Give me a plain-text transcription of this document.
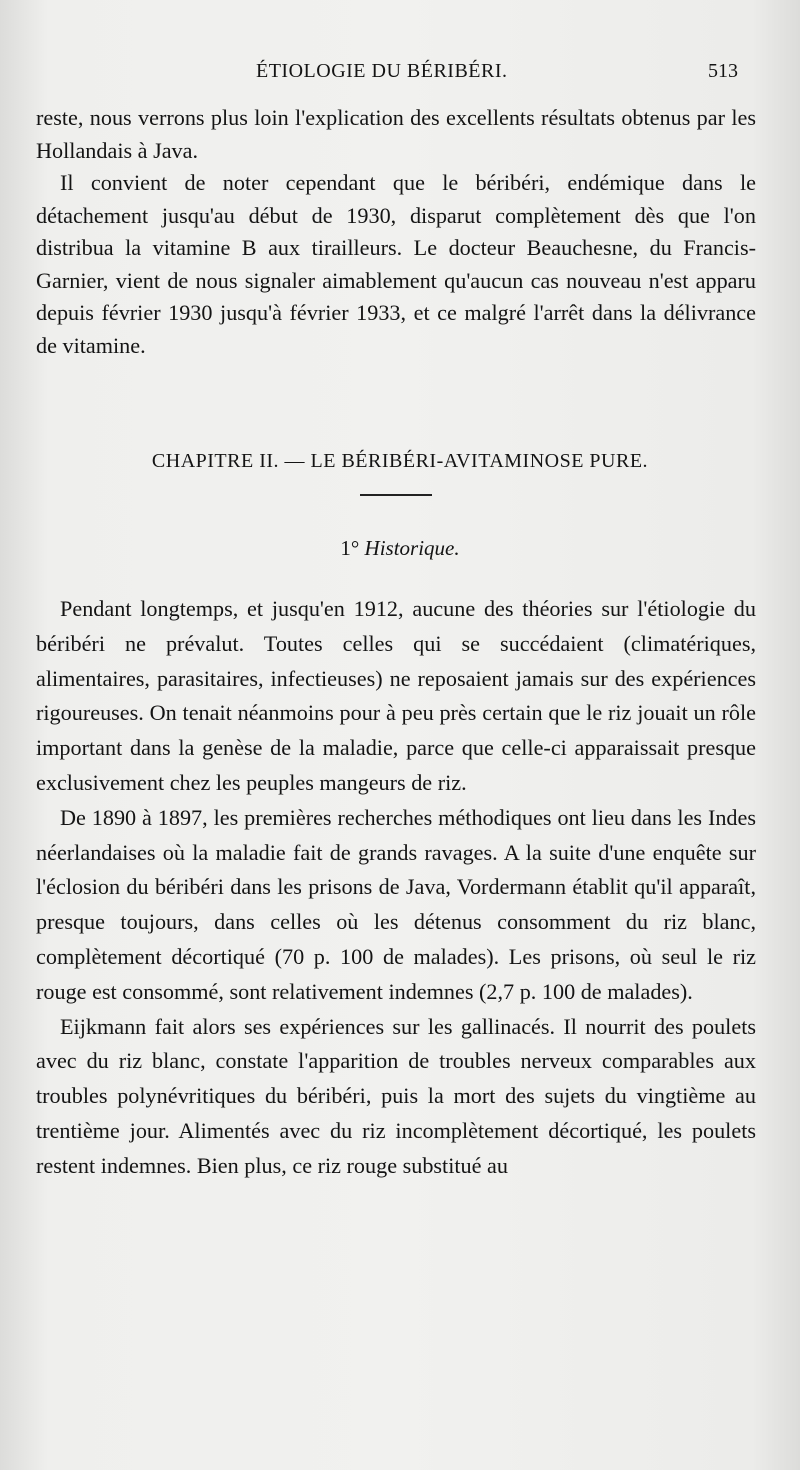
ÉTIOLOGIE DU BÉRIBÉRI.	513

reste, nous verrons plus loin l'explication des excellents résultats obtenus par les Hollandais à Java.

Il convient de noter cependant que le béribéri, endémique dans le détachement jusqu'au début de 1930, disparut complètement dès que l'on distribua la vitamine B aux tirailleurs. Le docteur Beauchesne, du Francis-Garnier, vient de nous signaler aimablement qu'aucun cas nouveau n'est apparu depuis février 1930 jusqu'à février 1933, et ce malgré l'arrêt dans la délivrance de vitamine.

CHAPITRE II. — LE BÉRIBÉRI-AVITAMINOSE PURE.
1° Historique.

Pendant longtemps, et jusqu'en 1912, aucune des théories sur l'étiologie du béribéri ne prévalut. Toutes celles qui se succédaient (climatériques, alimentaires, parasitaires, infectieuses) ne reposaient jamais sur des expériences rigoureuses. On tenait néanmoins pour à peu près certain que le riz jouait un rôle important dans la genèse de la maladie, parce que celle-ci apparaissait presque exclusivement chez les peuples mangeurs de riz.

De 1890 à 1897, les premières recherches méthodiques ont lieu dans les Indes néerlandaises où la maladie fait de grands ravages. A la suite d'une enquête sur l'éclosion du béribéri dans les prisons de Java, Vordermann établit qu'il apparaît, presque toujours, dans celles où les détenus consomment du riz blanc, complètement décortiqué (70 p. 100 de malades). Les prisons, où seul le riz rouge est consommé, sont relativement indemnes (2,7 p. 100 de malades).

Eijkmann fait alors ses expériences sur les gallinacés. Il nourrit des poulets avec du riz blanc, constate l'apparition de troubles nerveux comparables aux troubles polynévritiques du béribéri, puis la mort des sujets du vingtième au trentième jour. Alimentés avec du riz incomplètement décortiqué, les poulets restent indemnes. Bien plus, ce riz rouge substitué au
